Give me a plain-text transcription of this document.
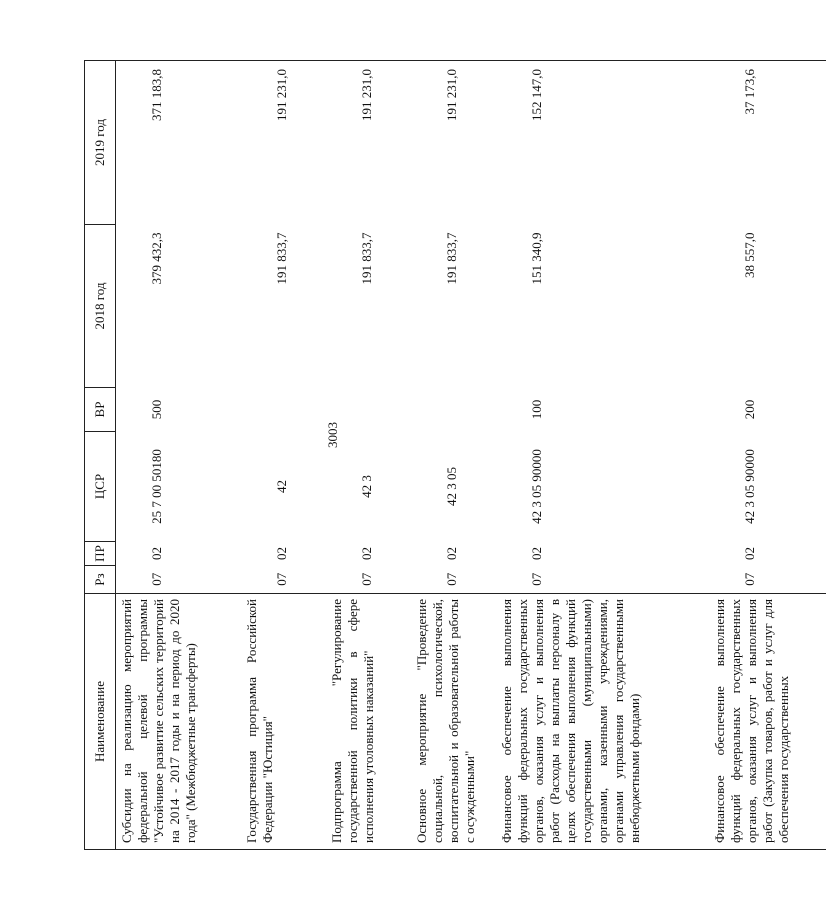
3003
Наименование	Рз	ПР	ЦСР	ВР	2018 год	2019 год
Субсидии на реализацию мероприятий федеральной целевой программы "Устойчивое развитие сельских территорий на 2014 - 2017 годы и на период до 2020 года" (Межбюджетные трансферты)	07	02	25 7 00 50180	500	379 432,3	371 183,8
Государственная программа Российской Федерации "Юстиция"	07	02	42		191 833,7	191 231,0
Подпрограмма "Регулирование государственной политики в сфере исполнения уголовных наказаний"	07	02	42 3		191 833,7	191 231,0
Основное мероприятие "Проведение социальной, психологической, воспитательной и образовательной работы с осужденными"	07	02	42 3 05		191 833,7	191 231,0
Финансовое обеспечение выполнения функций федеральных государственных органов, оказания услуг и выполнения работ (Расходы на выплаты персоналу в целях обеспечения выполнения функций государственными (муниципальными) органами, казенными учреждениями, органами управления государственными внебюджетными фондами)	07	02	42 3 05 90000	100	151 340,9	152 147,0
Финансовое обеспечение выполнения функций федеральных государственных органов, оказания услуг и выполнения работ (Закупка товаров, работ и услуг для обеспечения государственных	07	02	42 3 05 90000	200	38 557,0	37 173,6
